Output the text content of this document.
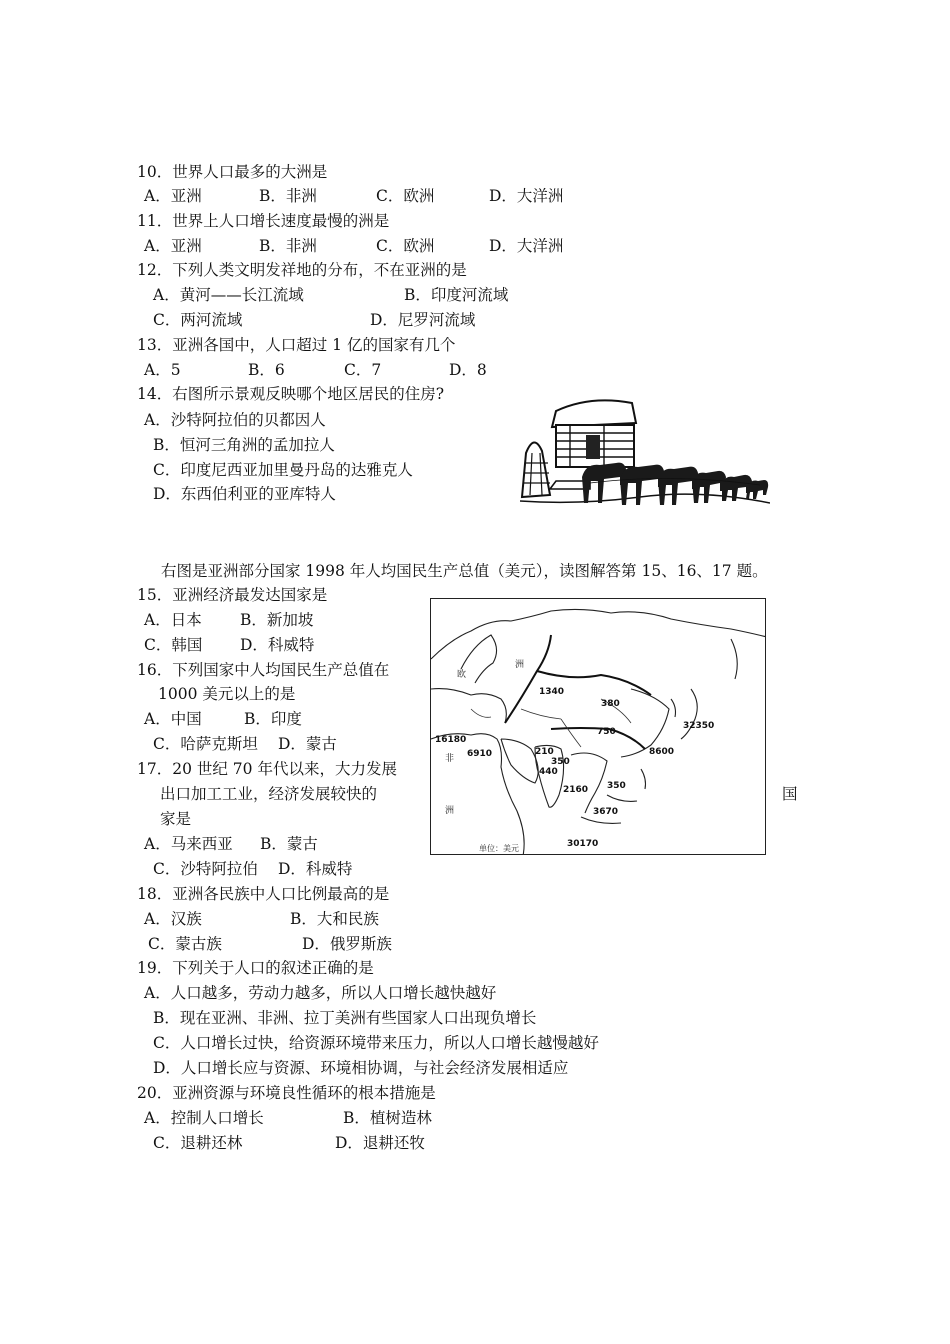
10．世界人口最多的大洲是
A．亚洲	B．非洲	C．欧洲	D．大洋洲
11．世界上人口增长速度最慢的洲是
A．亚洲	B．非洲	C．欧洲	D．大洋洲
12．下列人类文明发祥地的分布，不在亚洲的是
A．黄河——长江流域	B．印度河流域
C．两河流域	D．尼罗河流域
13．亚洲各国中，人口超过 1 亿的国家有几个
A．5	B．6	C．7	D．8
14．右图所示景观反映哪个地区居民的住房?
A．沙特阿拉伯的贝都因人
B．恒河三角洲的孟加拉人
C．印度尼西亚加里曼丹岛的达雅克人
D．东西伯利亚的亚库特人
右图是亚洲部分国家 1998 年人均国民生产总值（美元），读图解答第 15、16、17 题。
15．亚洲经济最发达国家是
A．日本 B．新加坡
C．韩国 D．科威特
16．下列国家中人均国民生产总值在
1000 美元以上的是
A．中国	B．印度
C．哈萨克斯坦 D．蒙古
17．20 世纪 70 年代以来，大力发展
出口加工工业，经济发展较快的	国
家是
A．马来西亚 B．蒙古
C．沙特阿拉伯 D．科威特
1340
380
750
32350
8600
16180
6910	210
350
440
350
2160
3670
30170
欧
洲
非
洲
单位：美元
18．亚洲各民族中人口比例最高的是
A．汉族	B．大和民族
C．蒙古族	D．俄罗斯族
19．下列关于人口的叙述正确的是
A．人口越多，劳动力越多，所以人口增长越快越好
B．现在亚洲、非洲、拉丁美洲有些国家人口出现负增长
C．人口增长过快，给资源环境带来压力，所以人口增长越慢越好
D．人口增长应与资源、环境相协调，与社会经济发展相适应
20．亚洲资源与环境良性循环的根本措施是
A．控制人口增长	B．植树造林
C．退耕还林	D．退耕还牧
